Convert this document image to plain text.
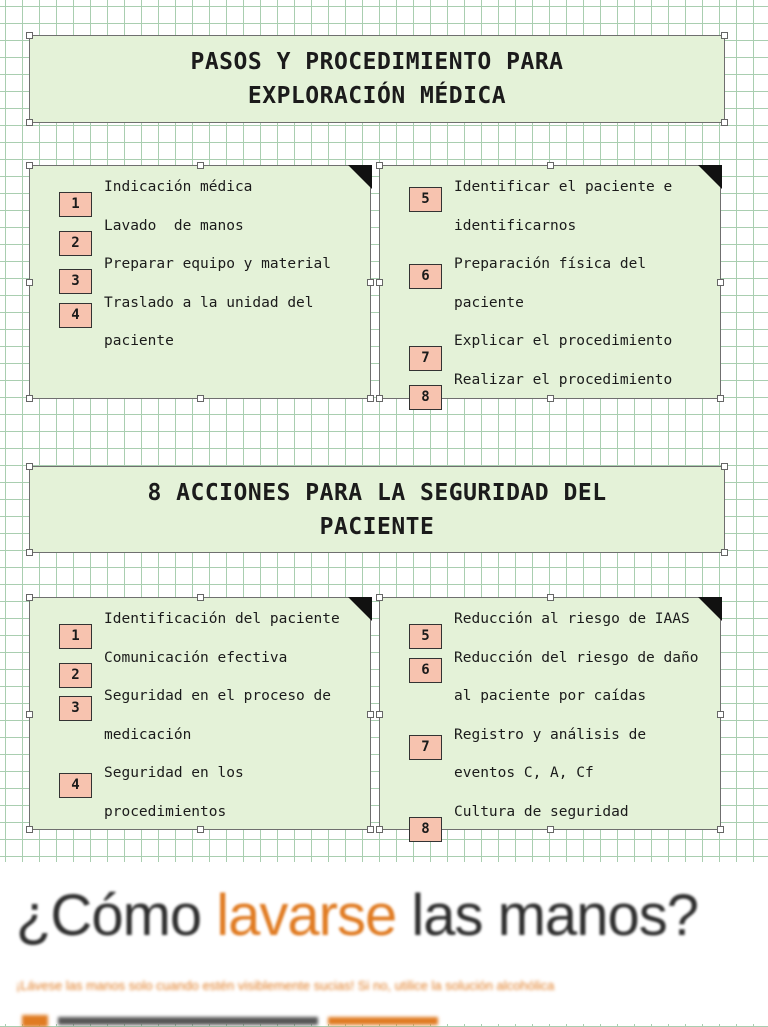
PASOS Y PROCEDIMIENTO PARA
EXPLORACIÓN MÉDICA
1
Indicación médica
2
Lavado  de manos
3
Preparar equipo y material
4
Traslado a la unidad del
paciente
5
Identificar el paciente e
identificarnos
6
Preparación física del
paciente
7
Explicar el procedimiento
8
Realizar el procedimiento
8 ACCIONES PARA LA SEGURIDAD DEL
PACIENTE
1
Identificación del paciente
2
Comunicación efectiva
3
Seguridad en el proceso de
medicación
4
Seguridad en los
procedimientos
5
Reducción al riesgo de IAAS
6
Reducción del riesgo de daño
al paciente por caídas
7
Registro y análisis de
eventos C, A, Cf
8
Cultura de seguridad
¿Cómo lavarse las manos?
¡Lávese las manos solo cuando estén visiblemente sucias! Si no, utilice la solución alcohólica
